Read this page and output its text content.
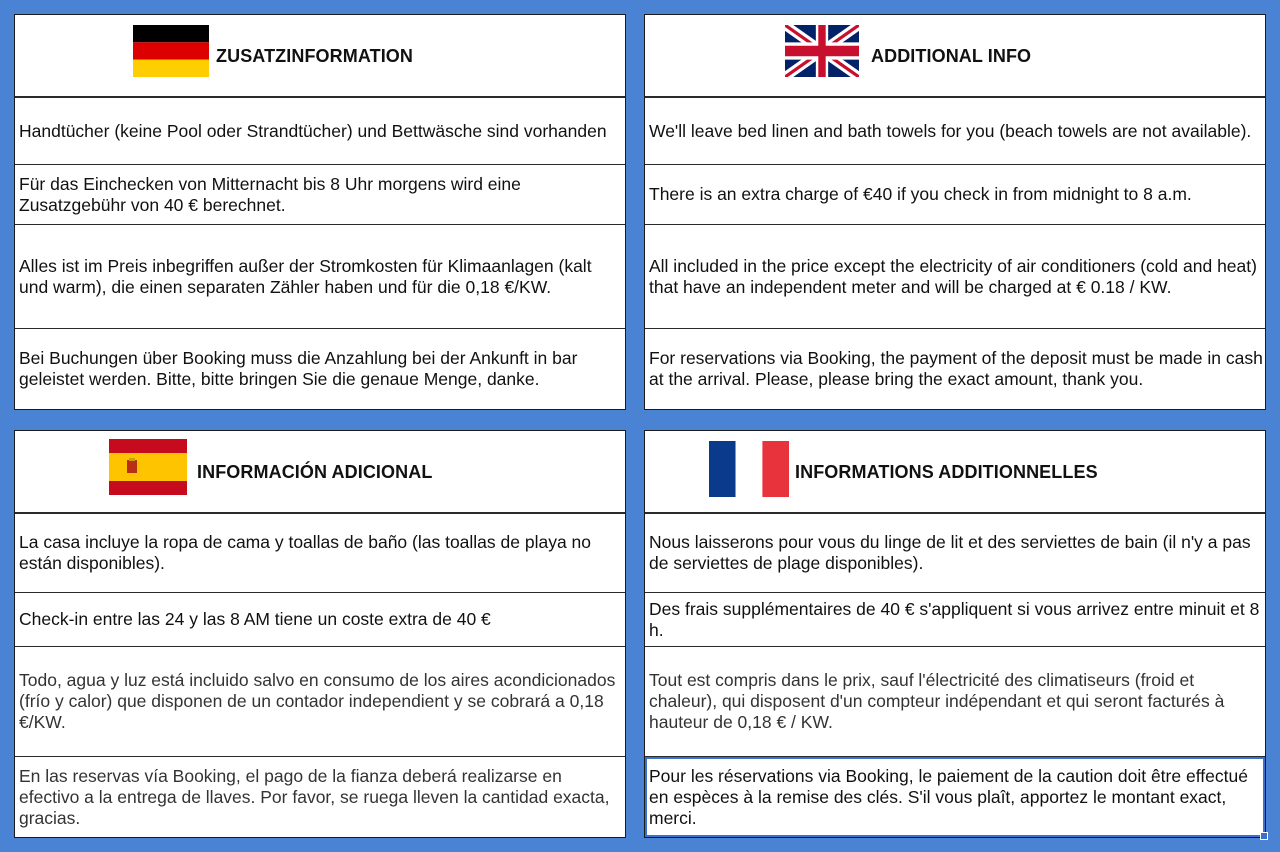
ZUSATZINFORMATION
Handtücher (keine Pool oder Strandtücher) und Bettwäsche sind vorhanden
Für das Einchecken von Mitternacht bis 8 Uhr morgens wird eine Zusatzgebühr von 40 € berechnet.
Alles ist im Preis inbegriffen außer der Stromkosten für Klimaanlagen (kalt und warm), die einen separaten Zähler haben und für die 0,18 €/KW.
Bei Buchungen über Booking muss die Anzahlung bei der Ankunft in bar geleistet werden. Bitte, bitte bringen Sie die genaue Menge, danke.
ADDITIONAL INFO
We'll leave bed linen and bath towels for you (beach towels are not available).
There is an extra charge of €40 if you check in from midnight to 8 a.m.
All included in the price except the electricity of air conditioners (cold and heat) that have an independent meter and will be charged at € 0.18 / KW.
For reservations via Booking, the payment of the deposit must be made in cash at the arrival. Please, please bring the exact amount, thank you.
INFORMACIÓN ADICIONAL
La casa incluye la ropa de cama y toallas de baño (las toallas de playa no están disponibles).
Check-in entre las 24 y las 8 AM tiene un coste extra de 40 €
Todo, agua y luz está incluido salvo en consumo de los aires acondicionados (frío y calor) que disponen de un contador independient y se cobrará a 0,18 €/KW.
En las reservas vía Booking, el pago de la fianza deberá realizarse en efectivo a la entrega de llaves. Por favor, se ruega lleven la cantidad exacta, gracias.
INFORMATIONS ADDITIONNELLES
Nous laisserons pour vous du linge de lit et des serviettes de bain (il n'y a pas de serviettes de plage disponibles).
Des frais supplémentaires de 40 € s'appliquent si vous arrivez entre minuit et 8 h.
Tout est compris dans le prix, sauf l'électricité des climatiseurs (froid et chaleur), qui disposent d'un compteur indépendant et qui seront facturés à hauteur de 0,18 € / KW.
Pour les réservations via Booking, le paiement de la caution doit être effectué en espèces à la remise des clés. S'il vous plaît, apportez le montant exact, merci.
